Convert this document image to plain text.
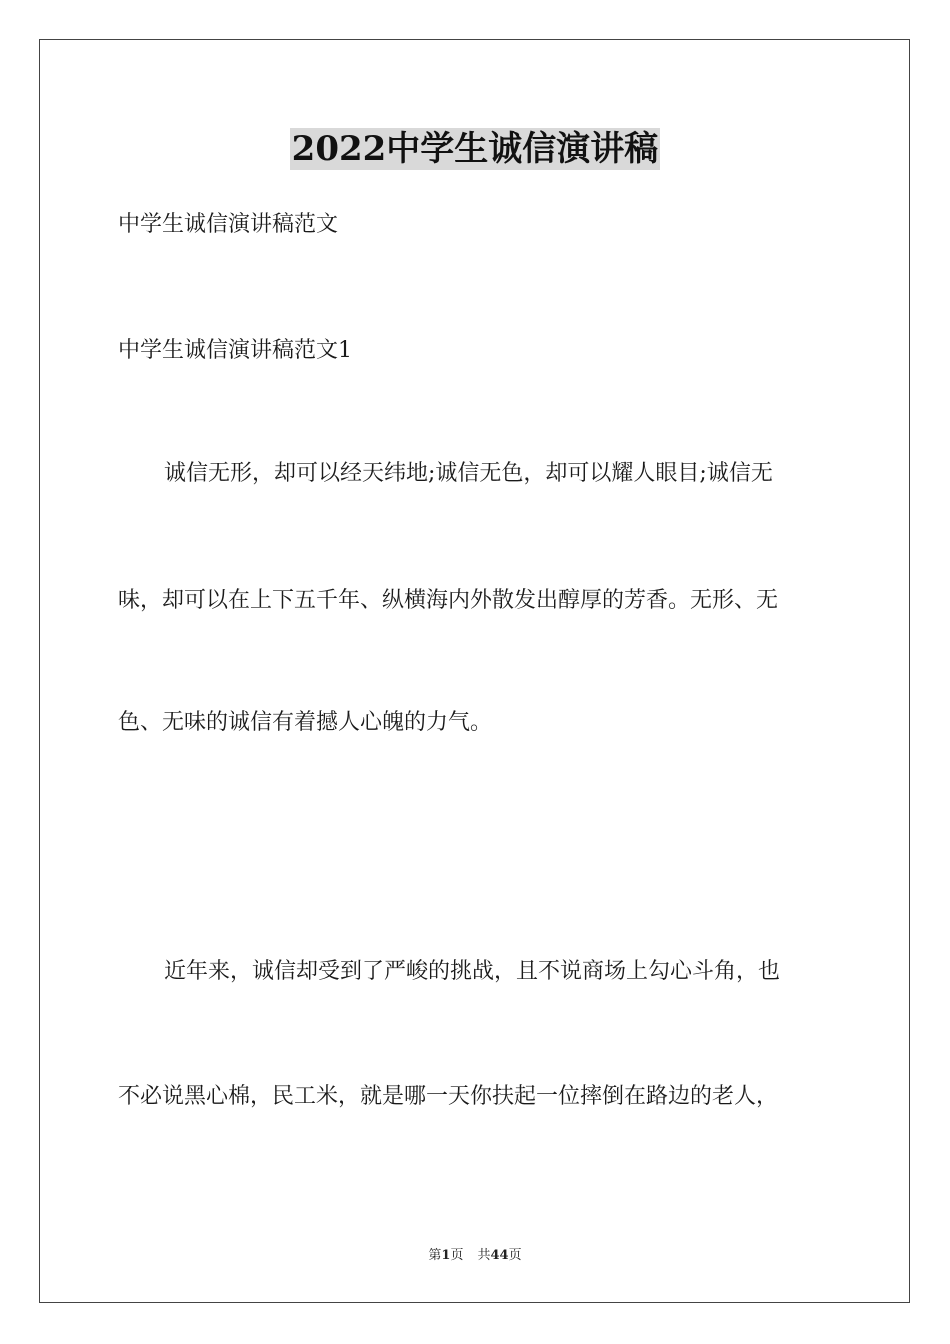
2022中学生诚信演讲稿
中学生诚信演讲稿范文
中学生诚信演讲稿范文1
诚信无形，却可以经天纬地;诚信无色，却可以耀人眼目;诚信无
味，却可以在上下五千年、纵横海内外散发出醇厚的芳香。无形、无
色、无味的诚信有着撼人心魄的力气。
近年来，诚信却受到了严峻的挑战，且不说商场上勾心斗角，也
不必说黑心棉，民工米，就是哪一天你扶起一位摔倒在路边的老人，
第1页 共44页
